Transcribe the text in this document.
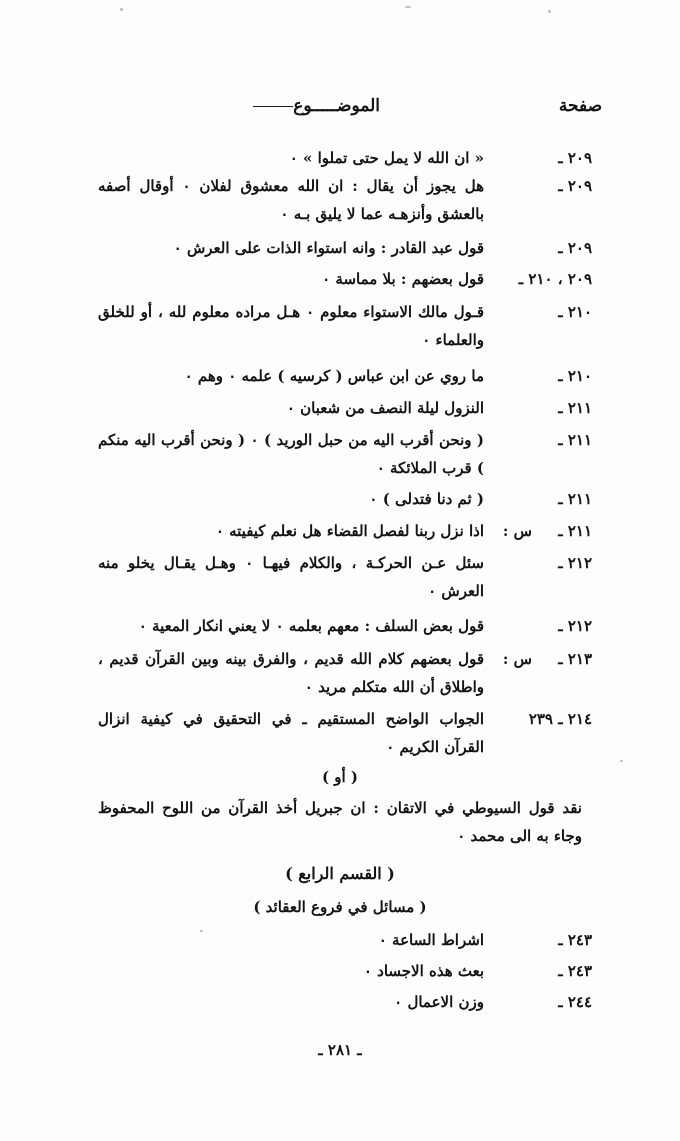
صفحة
الموضـــــوع
٢٠٩ ـ
« ان الله لا يمل حتى تملوا » ٠
٢٠٩ ـ
هل يجوز أن يقال : ان الله معشوق لفلان ٠ أوقال أصفه بالعشق وأنزهـه عما لا يليق بـه ٠
٢٠٩ ـ
قول عبد القادر : وانه استواء الذات على العرش ٠
٢٠٩ ، ٢١٠ ـ
قول بعضهم : بلا مماسة ٠
٢١٠ ـ
قـول مالك الاستواء معلوم ٠ هـل مراده معلوم لله ، أو للخلق والعلماء ٠
٢١٠ ـ
ما روي عن ابن عباس ( كرسيه ) علمه ٠ وهم ٠
٢١١ ـ
النزول ليلة النصف من شعبان ٠
٢١١ ـ
( ونحن أقرب اليه من حبل الوريد ) ٠ ( ونحن أقرب اليه منكم ) قرب الملائكة ٠
٢١١ ـ
( ثم دنا فتدلى ) ٠
٢١١ ـ
س :
اذا نزل ربنا لفصل القضاء هل نعلم كيفيته ٠
٢١٢ ـ
سئل عـن الحركـة ، والكلام فيهـا ٠ وهـل يقـال يخلو منه العرش ٠
٢١٢ ـ
قول بعض السلف : معهم بعلمه ٠ لا يعني انكار المعية ٠
٢١٣ ـ
س :
قول بعضهم كلام الله قديم ، والفرق بينه وبين القرآن قديم ، واطلاق أن الله متكلم مريد ٠
٢١٤ ـ ٢٣٩
الجواب الواضح المستقيم ـ في التحقيق في كيفية انزال القرآن الكريم ٠
( أو )
نقد قول السيوطي في الاتقان : ان جبريل أخذ القرآن من اللوح المحفوظ وجاء به الى محمد ٠
( القسم الرابع )
( مسائل في فروع العقائد )
٢٤٣ ـ
اشراط الساعة ٠
٢٤٣ ـ
بعث هذه الاجساد ٠
٢٤٤ ـ
وزن الاعمال ٠
ـ ٢٨١ ـ
